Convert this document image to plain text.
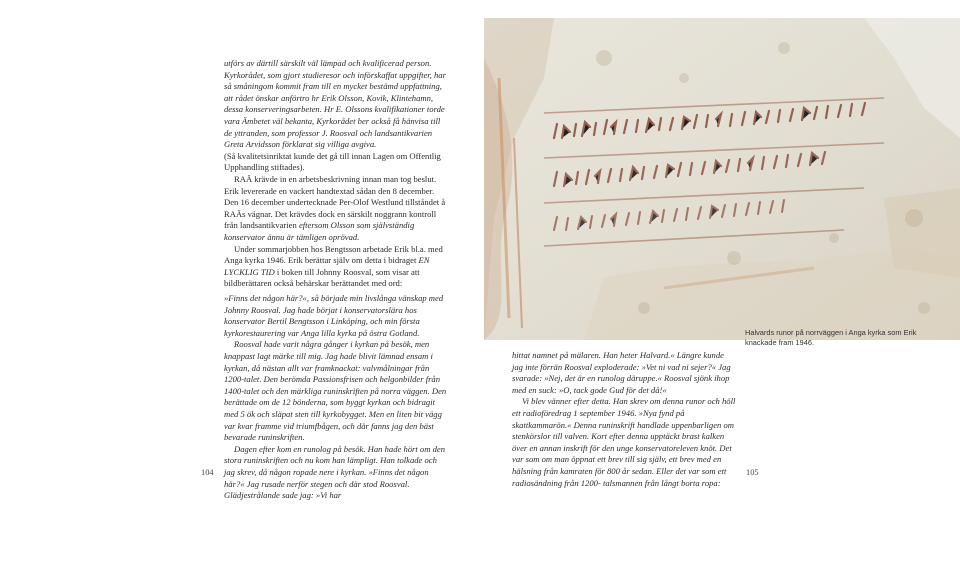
utförs av därtill särskilt väl lämpad och kvalificerad person. Kyrkorådet, som gjort studieresor och införskaffat uppgifter, har så småningom kommit fram till en mycket bestämd uppfattning, att rådet önskar anförtro hr Erik Olsson, Kovik, Klintehamn, dessa konserveringsarbeten. Hr E. Olssons kvalifikationer torde vara Ämbetet väl bekanta, Kyrkorådet ber också få hänvisa till de yttranden, som professor J. Roosval och landsantikvarien Greta Arvidsson förklarat sig villiga avgiva.

(Så kvalitetsinriktat kunde det gå till innan Lagen om Offentlig Upphandling stiftades).

RAÄ krävde in en arbetsbeskrivning innan man tog beslut. Erik levererade en vackert handtextad sådan den 8 december. Den 16 december undertecknade Per-Olof Westlund tillståndet å RAÄs vägnar. Det krävdes dock en särskilt noggrann kontroll från landsantikvarien eftersom Olsson som självständig konservator ännu är tämligen oprövad.

Under sommarjobben hos Bengtsson arbetade Erik bl.a. med Anga kyrka 1946. Erik berättar själv om detta i bidraget EN LYCKLIG TID i boken till Johnny Roosval, som visar att bildberättaren också behärskar berättandet med ord:

»Finns det någon här?«, så började min livslånga vänskap med Johnny Roosval. Jag hade börjat i konservatorslära hos konservator Bertil Bengtsson i Linköping, och min första kyrkorestaurering var Anga lilla kyrka på östra Gotland.

Roosval hade varit några gånger i kyrkan på besök, men knappast lagt märke till mig. Jag hade blivit lämnad ensam i kyrkan, då nästan allt var framknackat: valvmålningar från 1200-talet. Den berömda Passionsfrisen och helgonbilder från 1400-talet och den märkliga runinskriften på norra väggen. Den berättade om de 12 bönderna, som byggt kyrkan och bidragit med 5 ök och släpat sten till kyrkobygget. Men en liten bit vägg var kvar framme vid triumfbågen, och där fanns jag den bäst bevarade runinskriften.

Dagen efter kom en runolog på besök. Han hade hört om den stora runinskriften och nu kom han lämpligt. Han tolkade och jag skrev, då någon ropade nere i kyrkan. »Finns det någon här?« Jag rusade nerför stegen och där stod Roosval. Glädjestrålande sade jag: »Vi har

104

hittat namnet på mälaren. Han heter Halvard.« Längre kunde jag inte förrän Roosval exploderade: »Vet ni vad ni sejer?« Jag svarade: »Nej, det är en runolog däruppe.« Roosval sjönk ihop med en suck: »O, tack gode Gud för det då!«

Vi blev vänner efter detta. Han skrev om denna runor och höll ett radioföredrag 1 september 1946. »Nya fynd på skattkammarön.« Denna runinskrift handlade uppenbarligen om stenkörslor till valven. Kort efter denna upptäckt brast kalken över en annan inskrift för den unge konservatoreleven knöt. Det var som om man öppnat ett brev till sig själv, ett brev med en hälsning från kamraten för 800 år sedan. Eller det var som ett radiosändning från 1200- talsmannen från långt borta ropa:

Halvards runor på norrväggen i Anga kyrka som Erik knackade fram 1946.
105
